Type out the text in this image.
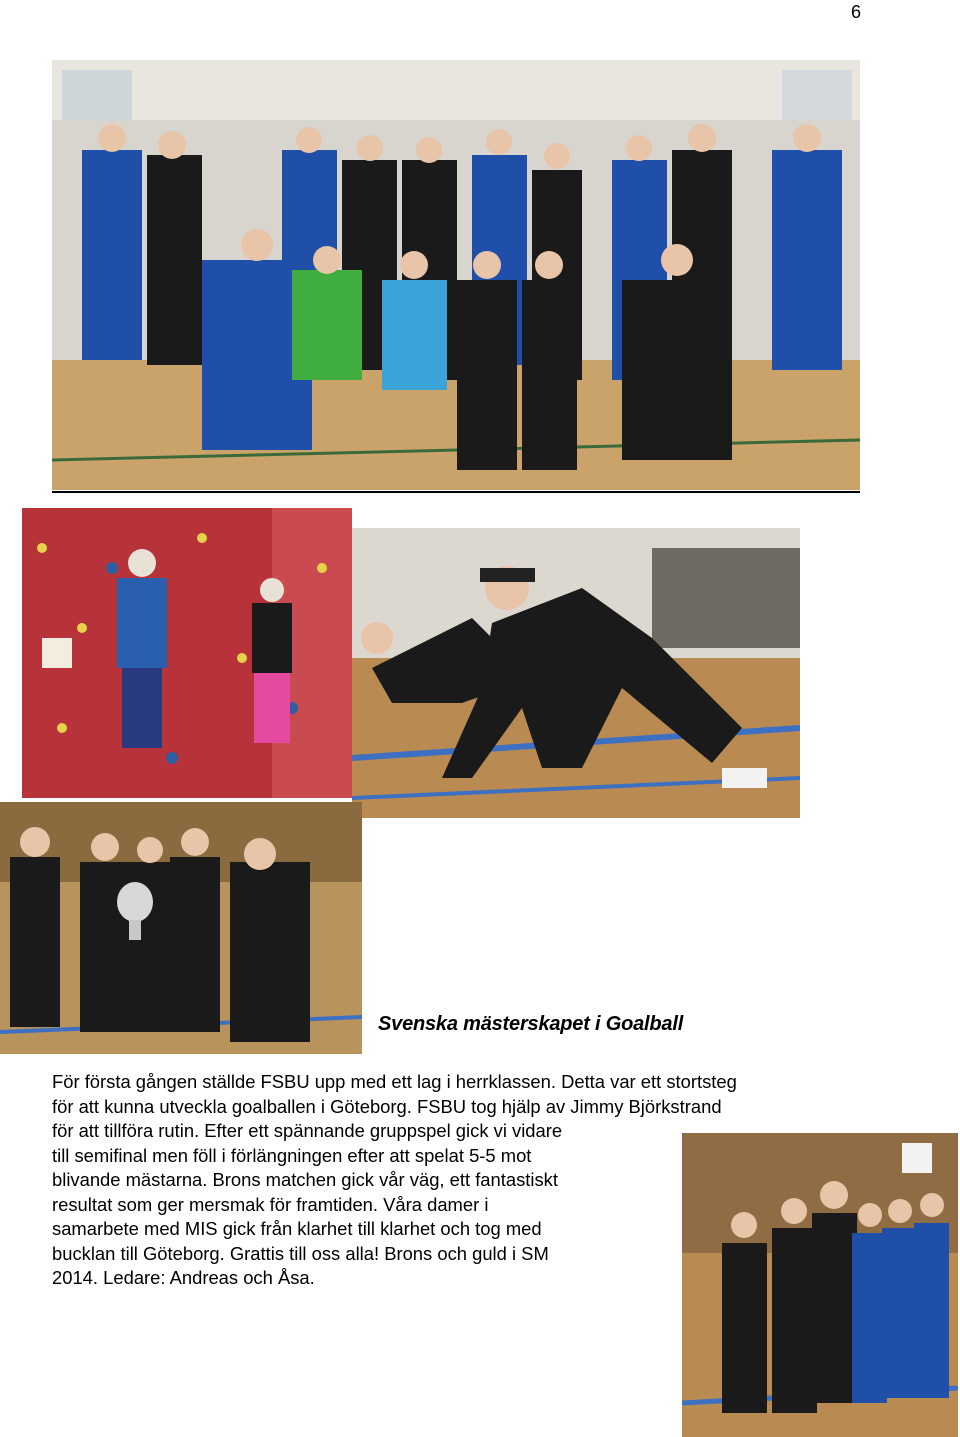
6
Svenska mästerskapet i Goalball

För första gången ställde FSBU upp med ett lag i herrklassen. Detta var ett stortsteg
för att kunna utveckla goalballen i Göteborg. FSBU tog hjälp av Jimmy Björkstrand
för att tillföra rutin. Efter ett spännande gruppspel gick vi vidare
till semifinal men föll i förlängningen efter att spelat 5-5 mot
blivande mästarna. Brons matchen gick vår väg, ett fantastiskt
resultat som ger mersmak för framtiden. Våra damer i
samarbete med MIS gick från klarhet till klarhet och tog med
bucklan till Göteborg. Grattis till oss alla! Brons och guld i SM
2014. Ledare: Andreas och Åsa.
